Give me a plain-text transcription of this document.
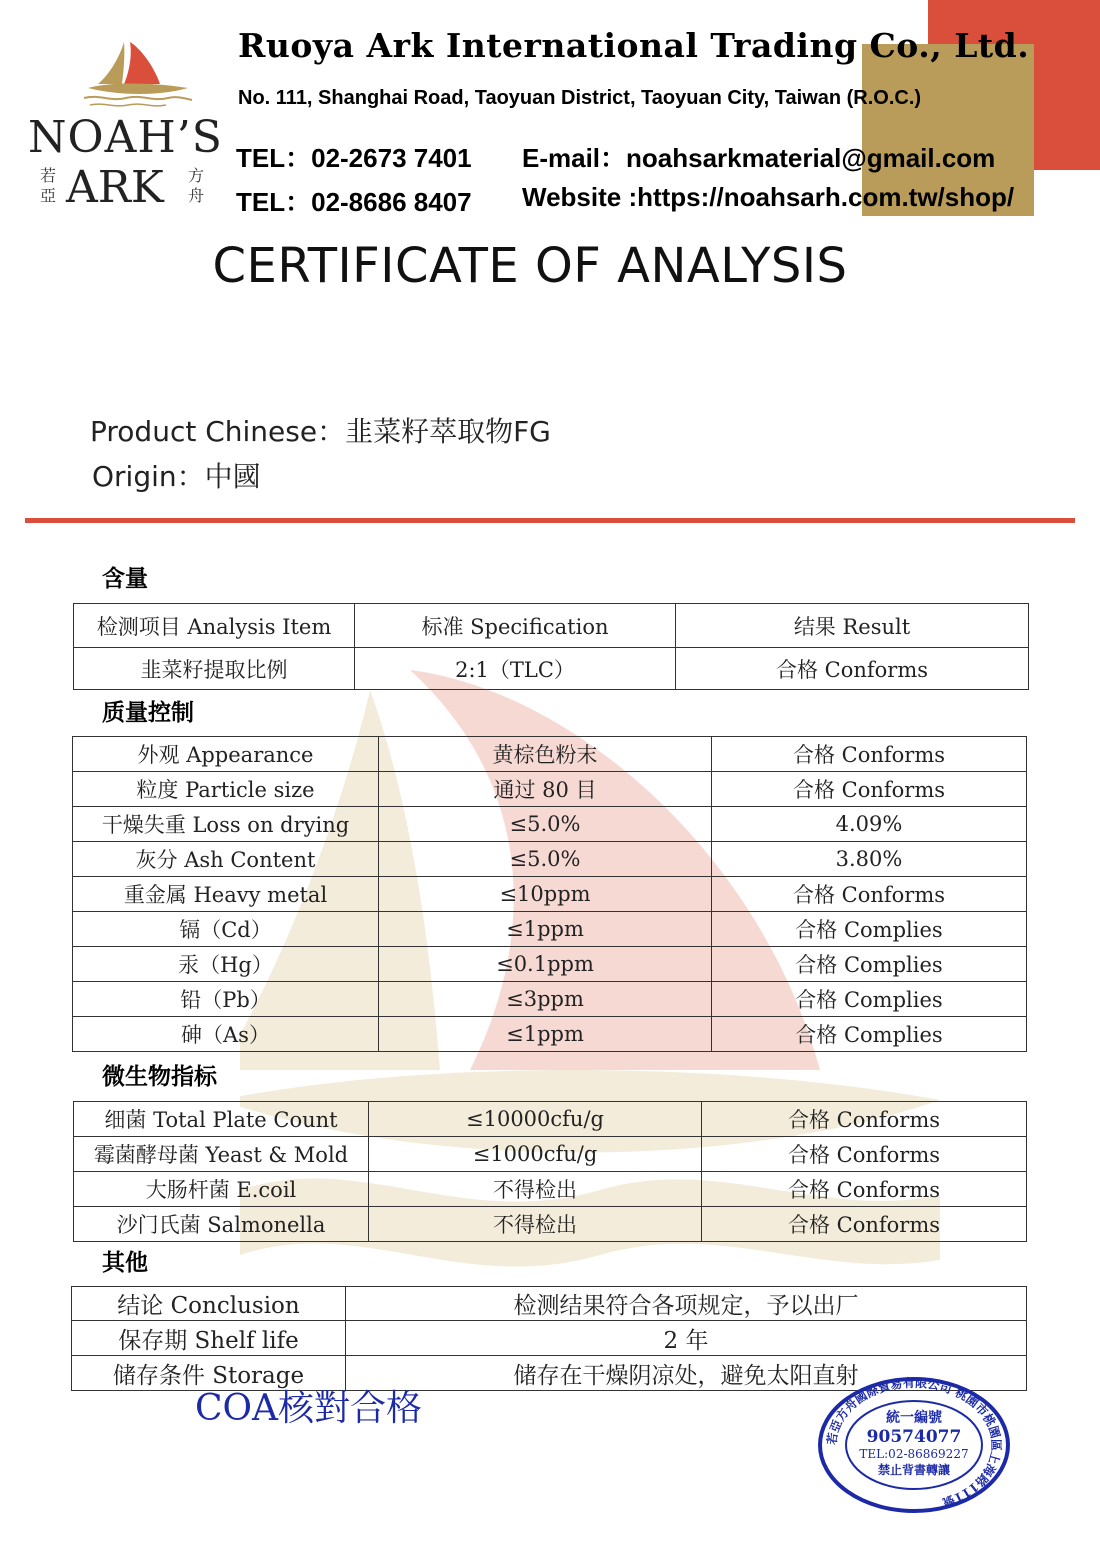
NOAH’S
若亞 ARK 方舟
Ruoya Ark International Trading Co., Ltd.
No. 111, Shanghai Road, Taoyuan District, Taoyuan City, Taiwan (R.O.C.)
TEL：02-2673 7401
TEL：02-8686 8407
E-mail：noahsarkmaterial@gmail.com
Website :https://noahsarh.com.tw/shop/
CERTIFICATE OF ANALYSIS
Product Chinese：韭菜籽萃取物FG
Origin：中國
含量
检测项目 Analysis Item	标准 Specification	结果 Result
韭菜籽提取比例	2:1（TLC）	合格 Conforms
质量控制
外观 Appearance	黄棕色粉末	合格 Conforms
粒度 Particle size	通过 80 目	合格 Conforms
干燥失重 Loss on drying	≤5.0%	4.09%
灰分 Ash Content	≤5.0%	3.80%
重金属 Heavy metal	≤10ppm	合格 Conforms
镉（Cd）	≤1ppm	合格 Complies
汞（Hg）	≤0.1ppm	合格 Complies
铅（Pb）	≤3ppm	合格 Complies
砷（As）	≤1ppm	合格 Complies
微生物指标
细菌 Total Plate Count	≤10000cfu/g	合格 Conforms
霉菌酵母菌 Yeast & Mold	≤1000cfu/g	合格 Conforms
大肠杆菌 E.coil	不得检出	合格 Conforms
沙门氏菌 Salmonella	不得检出	合格 Conforms
其他
结论 Conclusion	检测结果符合各项规定，予以出厂
保存期 Shelf life	2 年
储存条件 Storage	储存在干燥阴凉处，避免太阳直射
COA核對合格
若亞方舟國際貿易有限公司 桃園市桃園區上海路111號
統一編號
90574077
TEL:02-86869227
禁止背書轉讓
